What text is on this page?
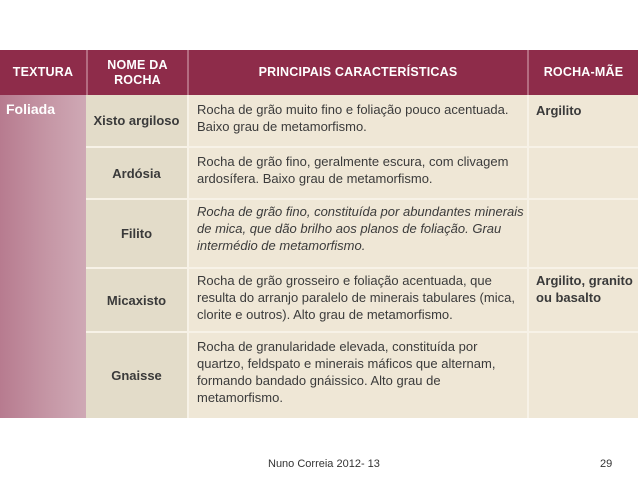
TEXTURA
NOME DA
ROCHA
PRINCIPAIS CARACTERÍSTICAS	ROCHA-MÃE
Foliada
Xisto argiloso
Ardósia
Filito
Micaxisto
Gnaisse
Rocha de grão muito fino e foliação pouco acentuada. Baixo grau de metamorfismo.
Rocha de grão fino, geralmente escura, com clivagem ardosífera. Baixo grau de metamorfismo.
Rocha de grão fino, constituída por abundantes minerais de mica, que dão brilho aos planos de foliação. Grau intermédio de metamorfismo.
Rocha de grão grosseiro e foliação acentuada, que resulta do arranjo paralelo de minerais tabulares (mica, clorite e outros). Alto grau de metamorfismo.
Rocha de granularidade elevada, constituída por quartzo, feldspato e minerais máficos que alternam, formando bandado gnáissico. Alto grau de metamorfismo.
Argilito
Argilito, granito ou basalto
Nuno Correia 2012- 13	29
